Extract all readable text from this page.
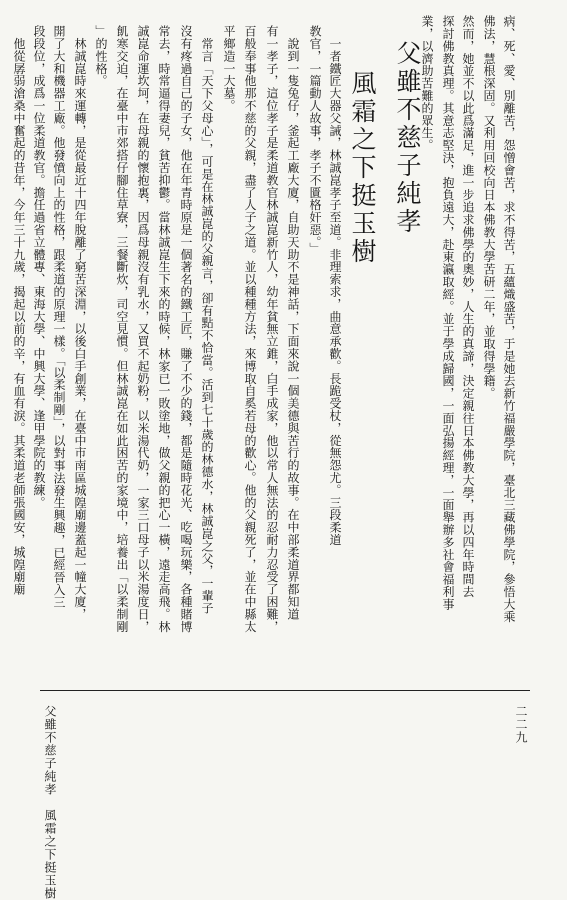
病、死、愛、別離苦，怨憎會苦，求不得苦，五蘊熾盛苦，于是她去新竹福嚴學院，臺北三藏佛學院，參悟大乘
佛法，慧根深固。又利用回校向日本佛教大學苦研二年，並取得學籍。
然而，她並不以此爲滿足，進一步追求佛學的奧妙，人生的真諦，決定親往日本佛教大學，再以四年時間去
探討佛教真理。其意志堅決，抱負遠大，赴東瀛取經。並于學成歸國，一面弘揚經理，一面舉辦多社會福利事
業，以濟助苦難的眾生。
父雖不慈子純孝
風霜之下挺玉樹
　一者鐵匠大器父誡，林誠崑孝子至道。非理索求，曲意承歡。長跪受杖，從無怨尤。三段柔道
教官，一篇動人故事，孝子不匱格奸惡。」
　說到一隻兔仔，釜起工廠大廈，自助天助不是神話，下面來說一個美德與苦行的故事。在中部柔道界都知道
有一孝子，這位孝子是柔道教官林誠崑新竹人，幼年貧無立錐，白手成家，他以常人無法的忍耐力忍受了困難，
百般奉事他那不慈的父親，盡了人子之道。並以種種方法，來博取自奚若母的歡心。他的父親死了，並在中縣太
平鄉造一大墓。
　常言「天下父母心」，可是在林誠崑的父親言，卻有點不恰當。活到七十歲的林德水，林誠崑之父，一輩子
沒有疼過自己的子女，他在年青時原是一個著名的鐵工匠，賺了不少的錢，都是隨時花光、吃喝玩樂，各種賭博
常去，時常逼得妻兒，貧苦抑鬱。當林誠崑生下來的時候，林家已一敗塗地，做父親的把心一橫，遠走高飛。林
誠崑命運坎坷，在母親的懷抱裏，因爲母親沒有乳水，又買不起奶粉，以米湯代奶，一家三口母子以米湯度日，
飢寒交迫，在臺中市郊搭仔腳住草寮，三餐斷炊，司空見慣。但林誠崑在如此困苦的家境中，培養出「以柔制剛
」的性格。
　林誠崑時來運轉，是從最近十四年脫離了窮苦深淵，以後白手創業，在臺中市南區城隍廟邊蓋起一幢大廈，
開了大和機器工廠。他發憤向上的性格，跟柔道的原理一樣。「以柔制剛」，以對事法發生興趣，已經晉入三
段段位，成爲一位柔道教官。擔任過省立體專、東海大學、中興大學、逢甲學院的教練。
　他從孱弱滄桑中奮起的昔年，今年三十九歲，揭起以前的辛，有血有淚。其柔道老師張國安，城隍廟廟
父雖不慈子純孝　風霜之下挺玉樹	二二九
